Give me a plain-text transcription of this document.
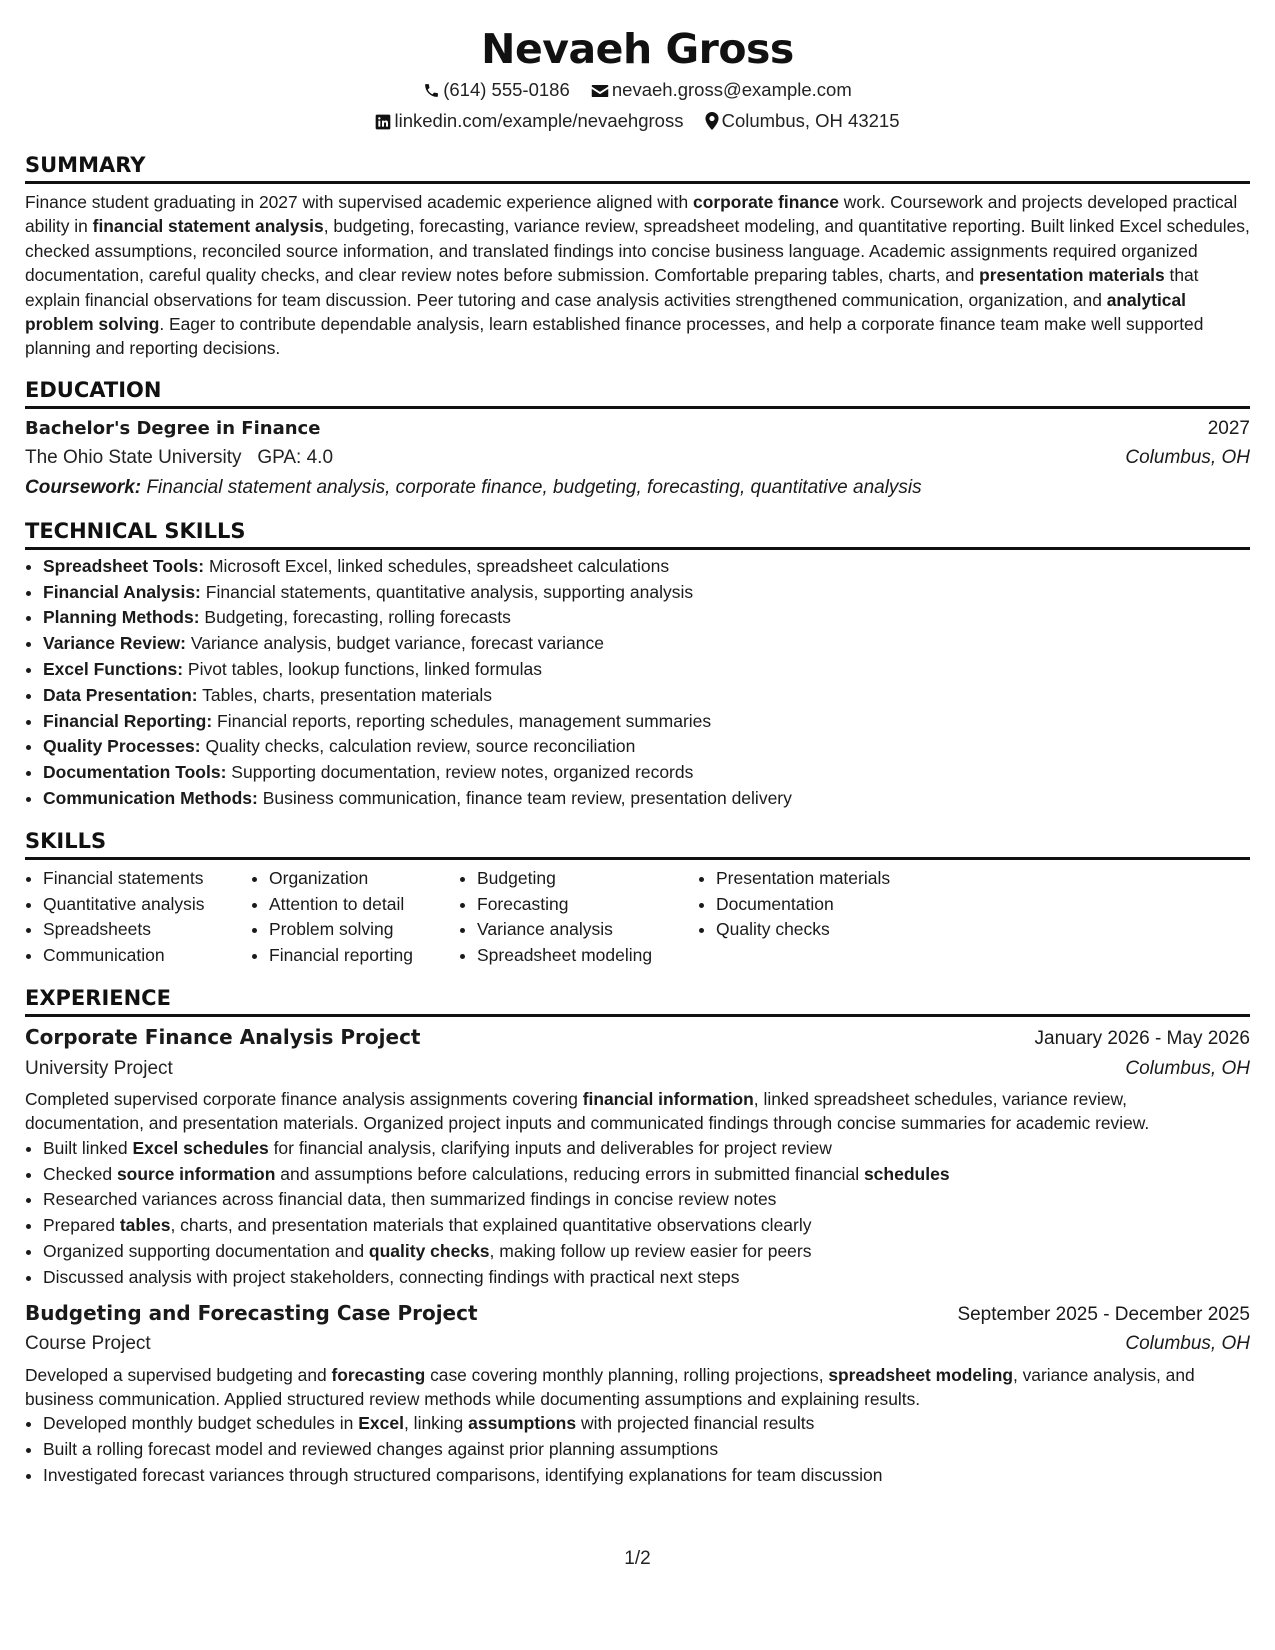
Nevaeh Gross
(614) 555-0186 nevaeh.gross@example.com
linkedin.com/example/nevaehgross Columbus, OH 43215
SUMMARY

Finance student graduating in 2027 with supervised academic experience aligned with corporate finance work. Coursework and projects developed practical ability in financial statement analysis, budgeting, forecasting, variance review, spreadsheet modeling, and quantitative reporting. Built linked Excel schedules, checked assumptions, reconciled source information, and translated findings into concise business language. Academic assignments required organized documentation, careful quality checks, and clear review notes before submission. Comfortable preparing tables, charts, and presentation materials that explain financial observations for team discussion. Peer tutoring and case analysis activities strengthened communication, organization, and analytical problem solving. Eager to contribute dependable analysis, learn established finance processes, and help a corporate finance team make well supported planning and reporting decisions.

EDUCATION
Bachelor's Degree in Finance	2027
The Ohio State University GPA: 4.0	Columbus, OH
Coursework: Financial statement analysis, corporate finance, budgeting, forecasting, quantitative analysis
TECHNICAL SKILLS
• Spreadsheet Tools: Microsoft Excel, linked schedules, spreadsheet calculations
• Financial Analysis: Financial statements, quantitative analysis, supporting analysis
• Planning Methods: Budgeting, forecasting, rolling forecasts
• Variance Review: Variance analysis, budget variance, forecast variance
• Excel Functions: Pivot tables, lookup functions, linked formulas
• Data Presentation: Tables, charts, presentation materials
• Financial Reporting: Financial reports, reporting schedules, management summaries
• Quality Processes: Quality checks, calculation review, source reconciliation
• Documentation Tools: Supporting documentation, review notes, organized records
• Communication Methods: Business communication, finance team review, presentation delivery
SKILLS
• Financial statements
• Quantitative analysis
• Spreadsheets
• Communication
• Organization
• Attention to detail
• Problem solving
• Financial reporting
• Budgeting
• Forecasting
• Variance analysis
• Spreadsheet modeling
• Presentation materials
• Documentation
• Quality checks
EXPERIENCE
Corporate Finance Analysis Project	January 2026 - May 2026
University Project	Columbus, OH

Completed supervised corporate finance analysis assignments covering financial information, linked spreadsheet schedules, variance review, documentation, and presentation materials. Organized project inputs and communicated findings through concise summaries for academic review.

• Built linked Excel schedules for financial analysis, clarifying inputs and deliverables for project review
• Checked source information and assumptions before calculations, reducing errors in submitted financial schedules
• Researched variances across financial data, then summarized findings in concise review notes
• Prepared tables, charts, and presentation materials that explained quantitative observations clearly
• Organized supporting documentation and quality checks, making follow up review easier for peers
• Discussed analysis with project stakeholders, connecting findings with practical next steps
Budgeting and Forecasting Case Project	September 2025 - December 2025
Course Project	Columbus, OH

Developed a supervised budgeting and forecasting case covering monthly planning, rolling projections, spreadsheet modeling, variance analysis, and business communication. Applied structured review methods while documenting assumptions and explaining results.

• Developed monthly budget schedules in Excel, linking assumptions with projected financial results
• Built a rolling forecast model and reviewed changes against prior planning assumptions
• Investigated forecast variances through structured comparisons, identifying explanations for team discussion
1/2
